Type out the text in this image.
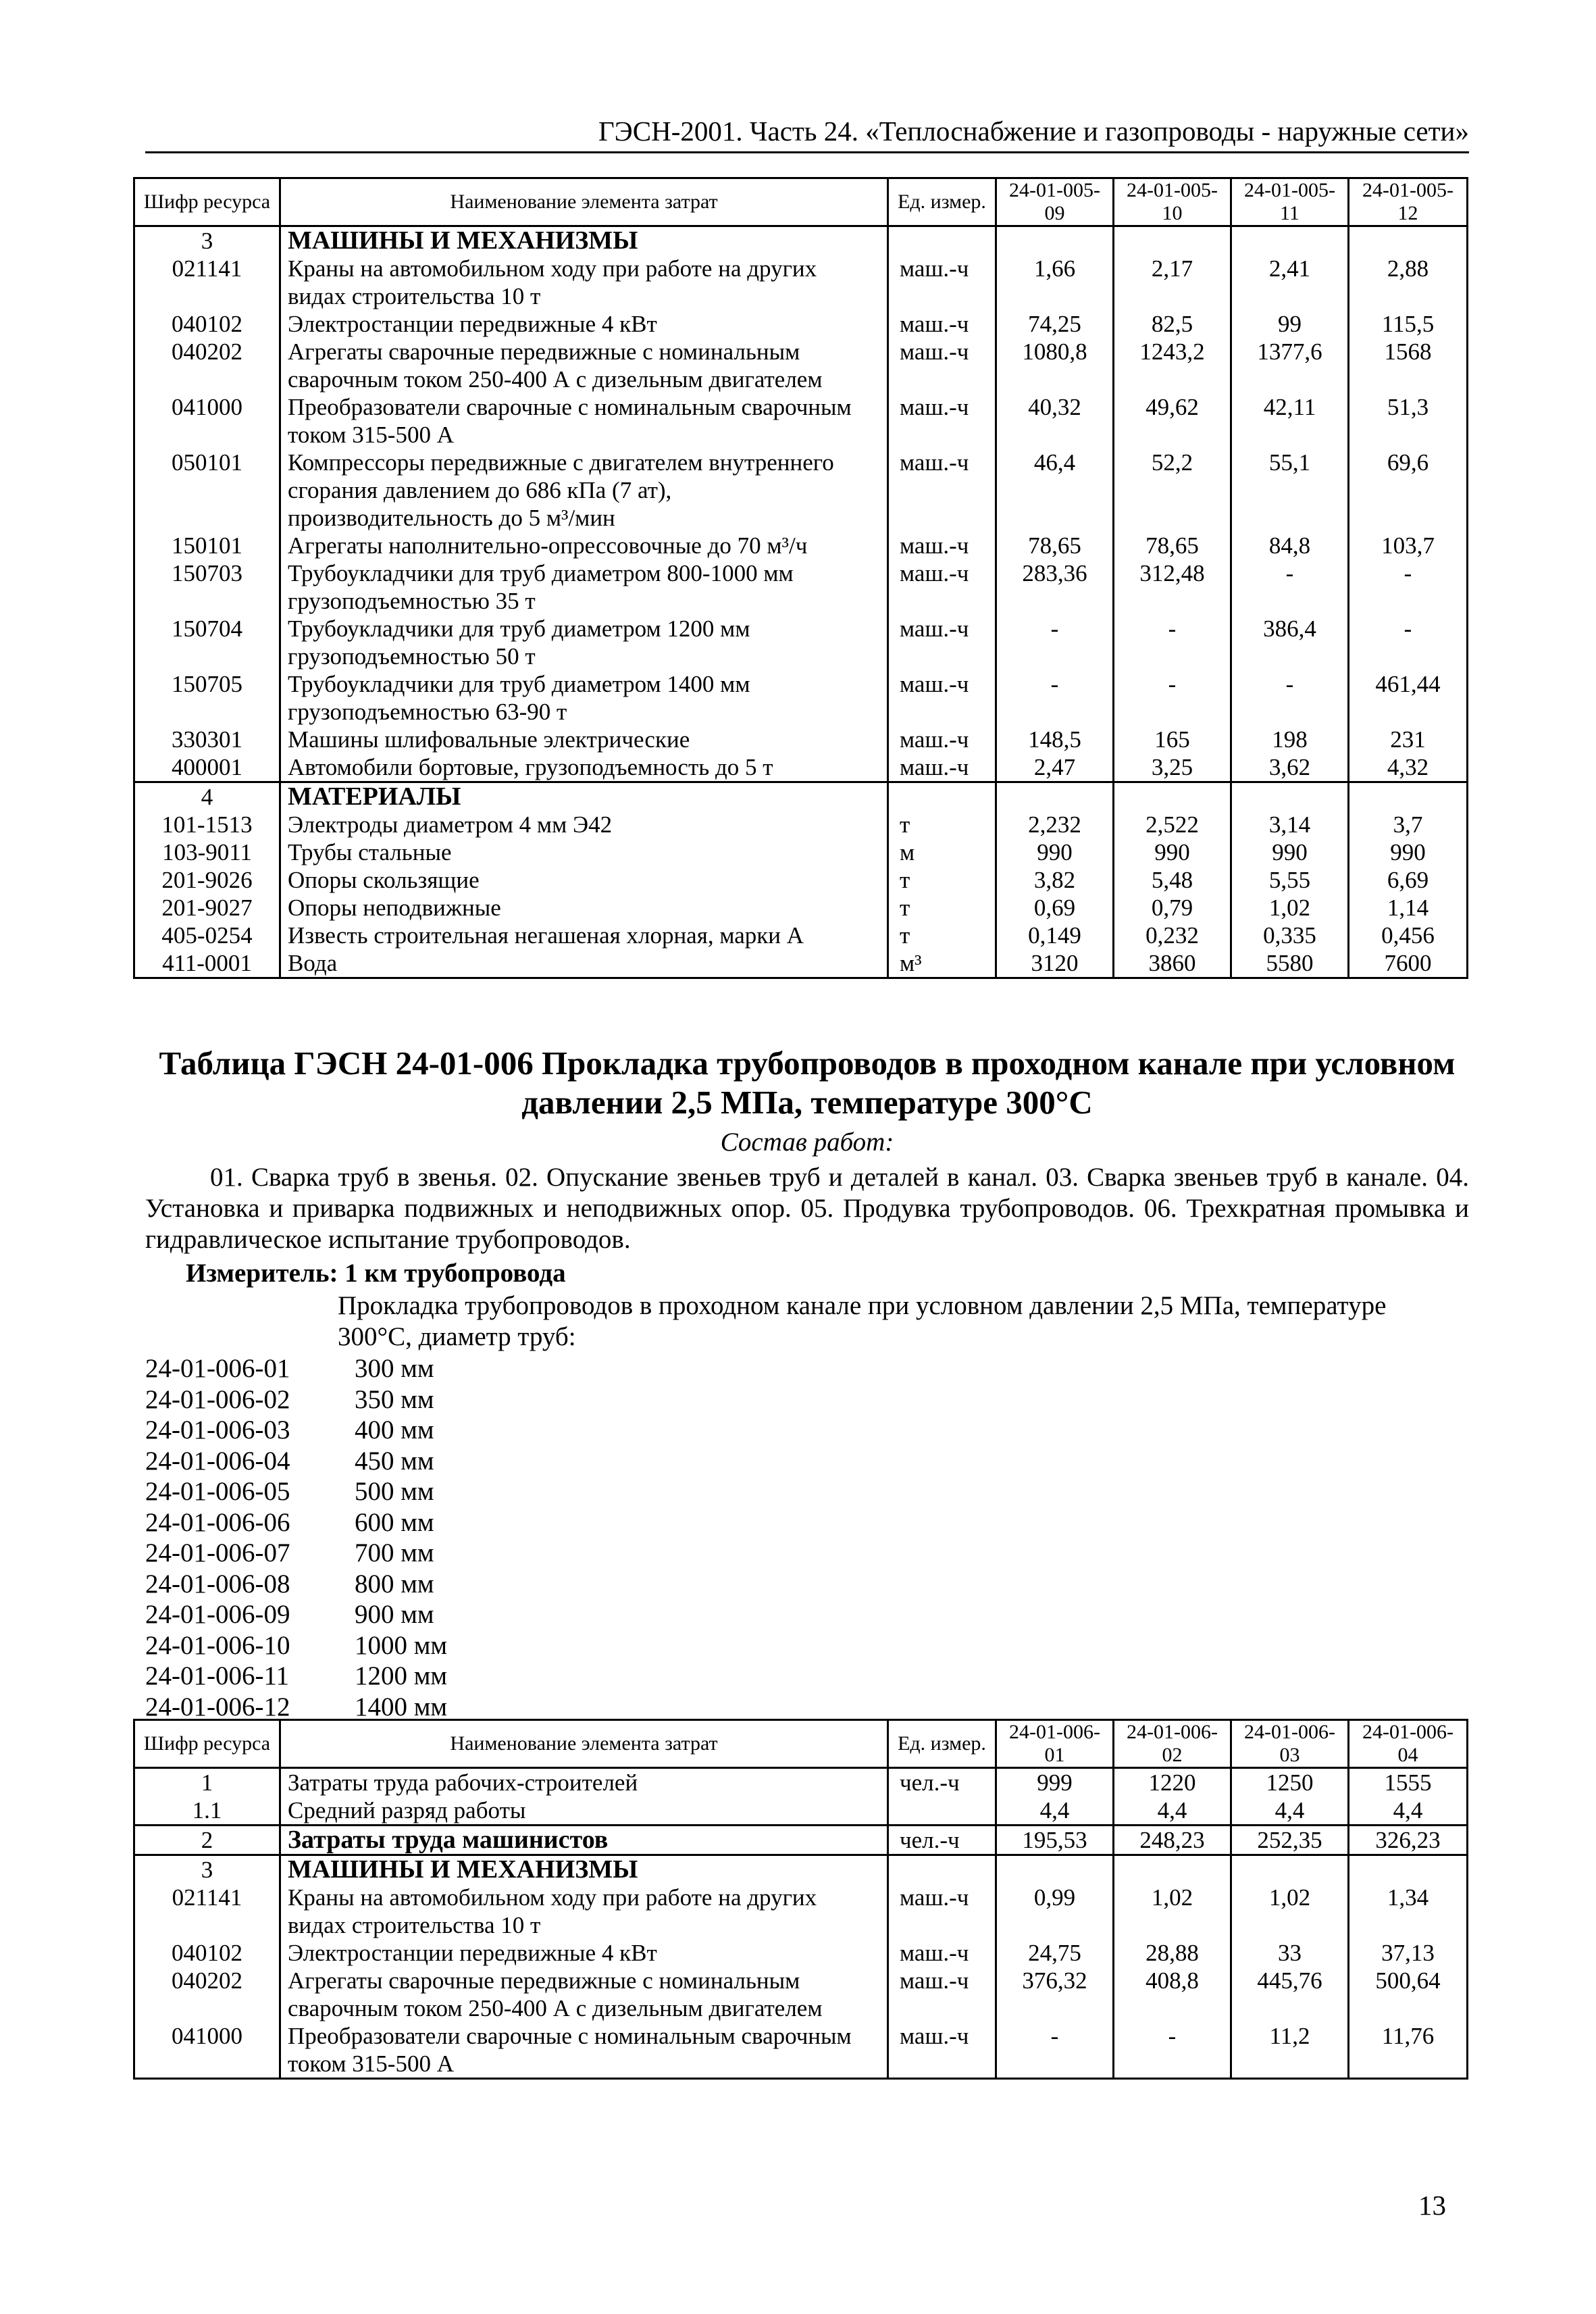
ГЭСН-2001. Часть 24. «Теплоснабжение и газопроводы - наружные сети»
Шифр ресурса	Наименование элемента затрат	Ед. измер.	24-01-005-09	24-01-005-10	24-01-005-11	24-01-005-12
3	МАШИНЫ И МЕХАНИЗМЫ					
021141	Краны на автомобильном ходу при работе на других видах строительства 10 т	маш.-ч	1,66	2,17	2,41	2,88
040102	Электростанции передвижные 4 кВт	маш.-ч	74,25	82,5	99	115,5
040202	Агрегаты сварочные передвижные с номинальным сварочным током 250-400 А с дизельным двигателем	маш.-ч	1080,8	1243,2	1377,6	1568
041000	Преобразователи сварочные с номинальным сварочным током 315-500 А	маш.-ч	40,32	49,62	42,11	51,3
050101	Компрессоры передвижные с двигателем внутреннего сгорания давлением до 686 кПа (7 ат), производительность до 5 м³/мин	маш.-ч	46,4	52,2	55,1	69,6
150101	Агрегаты наполнительно-опрессовочные до 70 м³/ч	маш.-ч	78,65	78,65	84,8	103,7
150703	Трубоукладчики для труб диаметром 800-1000 мм грузоподъемностью 35 т	маш.-ч	283,36	312,48	-	-
150704	Трубоукладчики для труб диаметром 1200 мм грузоподъемностью 50 т	маш.-ч	-	-	386,4	-
150705	Трубоукладчики для труб диаметром 1400 мм грузоподъемностью 63-90 т	маш.-ч	-	-	-	461,44
330301	Машины шлифовальные электрические	маш.-ч	148,5	165	198	231
400001	Автомобили бортовые, грузоподъемность до 5 т	маш.-ч	2,47	3,25	3,62	4,32
4	МАТЕРИАЛЫ					
101-1513	Электроды диаметром 4 мм Э42	т	2,232	2,522	3,14	3,7
103-9011	Трубы стальные	м	990	990	990	990
201-9026	Опоры скользящие	т	3,82	5,48	5,55	6,69
201-9027	Опоры неподвижные	т	0,69	0,79	1,02	1,14
405-0254	Известь строительная негашеная хлорная, марки А	т	0,149	0,232	0,335	0,456
411-0001	Вода	м³	3120	3860	5580	7600
Таблица ГЭСН 24-01-006 Прокладка трубопроводов в проходном канале при условном давлении 2,5 МПа, температуре 300°С
Состав работ:
01. Сварка труб в звенья. 02. Опускание звеньев труб и деталей в канал. 03. Сварка звеньев труб в канале. 04. Установка и приварка подвижных и неподвижных опор. 05. Продувка трубопроводов. 06. Трехкратная промывка и гидравлическое испытание трубопроводов.
Измеритель: 1 км трубопровода
Прокладка трубопроводов в проходном канале при условном давлении 2,5 МПа, температуре 300°С, диаметр труб:
24-01-006-01	300 мм
24-01-006-02	350 мм
24-01-006-03	400 мм
24-01-006-04	450 мм
24-01-006-05	500 мм
24-01-006-06	600 мм
24-01-006-07	700 мм
24-01-006-08	800 мм
24-01-006-09	900 мм
24-01-006-10	1000 мм
24-01-006-11	1200 мм
24-01-006-12	1400 мм
Шифр ресурса	Наименование элемента затрат	Ед. измер.	24-01-006-01	24-01-006-02	24-01-006-03	24-01-006-04
1	Затраты труда рабочих-строителей	чел.-ч	999	1220	1250	1555
1.1	Средний разряд работы		4,4	4,4	4,4	4,4
2	Затраты труда машинистов	чел.-ч	195,53	248,23	252,35	326,23
3	МАШИНЫ И МЕХАНИЗМЫ					
021141	Краны на автомобильном ходу при работе на других видах строительства 10 т	маш.-ч	0,99	1,02	1,02	1,34
040102	Электростанции передвижные 4 кВт	маш.-ч	24,75	28,88	33	37,13
040202	Агрегаты сварочные передвижные с номинальным сварочным током 250-400 А с дизельным двигателем	маш.-ч	376,32	408,8	445,76	500,64
041000	Преобразователи сварочные с номинальным сварочным током 315-500 А	маш.-ч	-	-	11,2	11,76
13
